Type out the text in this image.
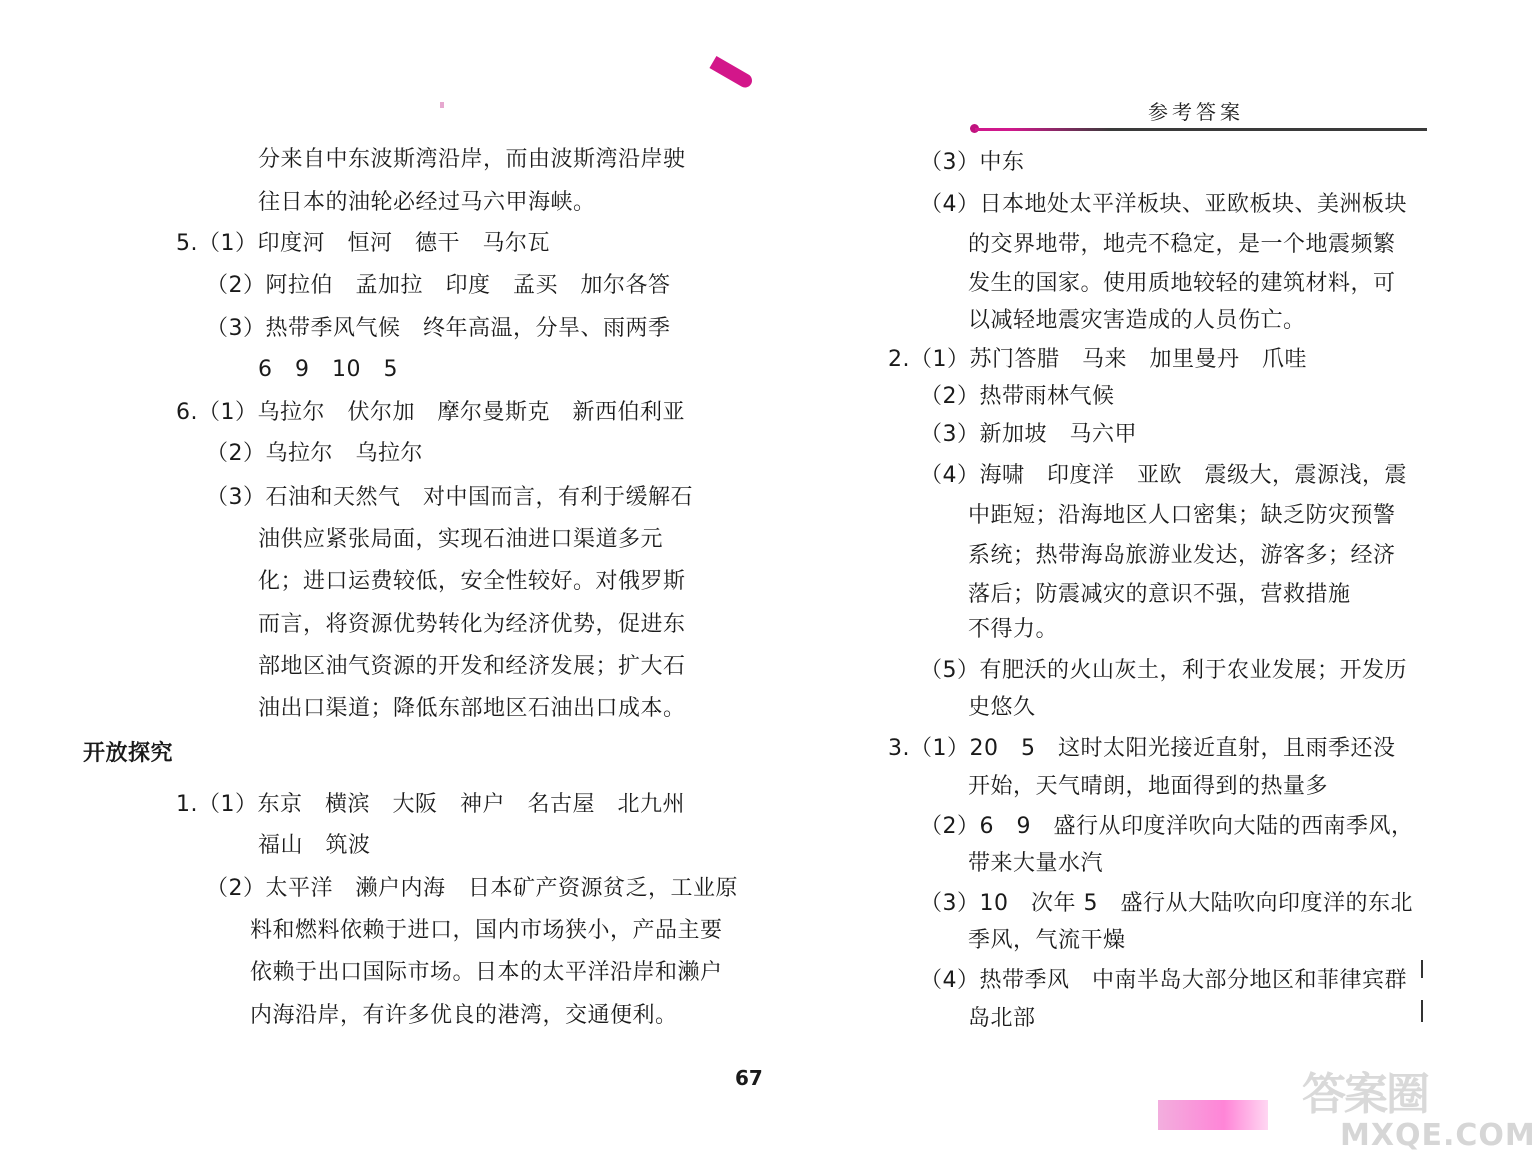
参考答案
分来自中东波斯湾沿岸，而由波斯湾沿岸驶
往日本的油轮必经过马六甲海峡。
5.（1）印度河　恒河　德干　马尔瓦
（2）阿拉伯　孟加拉　印度　孟买　加尔各答
（3）热带季风气候　终年高温，分旱、雨两季
6　9　10　5
6.（1）乌拉尔　伏尔加　摩尔曼斯克　新西伯利亚
（2）乌拉尔　乌拉尔
（3）石油和天然气　对中国而言，有利于缓解石
油供应紧张局面，实现石油进口渠道多元
化；进口运费较低，安全性较好。对俄罗斯
而言，将资源优势转化为经济优势，促进东
部地区油气资源的开发和经济发展；扩大石
油出口渠道；降低东部地区石油出口成本。
开放探究
1.（1）东京　横滨　大阪　神户　名古屋　北九州
福山　筑波
（2）太平洋　濑户内海　日本矿产资源贫乏，工业原
料和燃料依赖于进口，国内市场狭小，产品主要
依赖于出口国际市场。日本的太平洋沿岸和濑户
内海沿岸，有许多优良的港湾，交通便利。
（3）中东
（4）日本地处太平洋板块、亚欧板块、美洲板块
的交界地带，地壳不稳定，是一个地震频繁
发生的国家。使用质地较轻的建筑材料，可
以减轻地震灾害造成的人员伤亡。
2.（1）苏门答腊　马来　加里曼丹　爪哇
（2）热带雨林气候
（3）新加坡　马六甲
（4）海啸　印度洋　亚欧　震级大，震源浅，震
中距短；沿海地区人口密集；缺乏防灾预警
系统；热带海岛旅游业发达，游客多；经济
落后；防震减灾的意识不强，营救措施
不得力。
（5）有肥沃的火山灰土，利于农业发展；开发历
史悠久
3.（1）20　5　这时太阳光接近直射，且雨季还没
开始，天气晴朗，地面得到的热量多
（2）6　9　盛行从印度洋吹向大陆的西南季风，
带来大量水汽
（3）10　次年 5　盛行从大陆吹向印度洋的东北
季风，气流干燥
（4）热带季风　中南半岛大部分地区和菲律宾群
岛北部
67	答案圈
MXQE.COM
